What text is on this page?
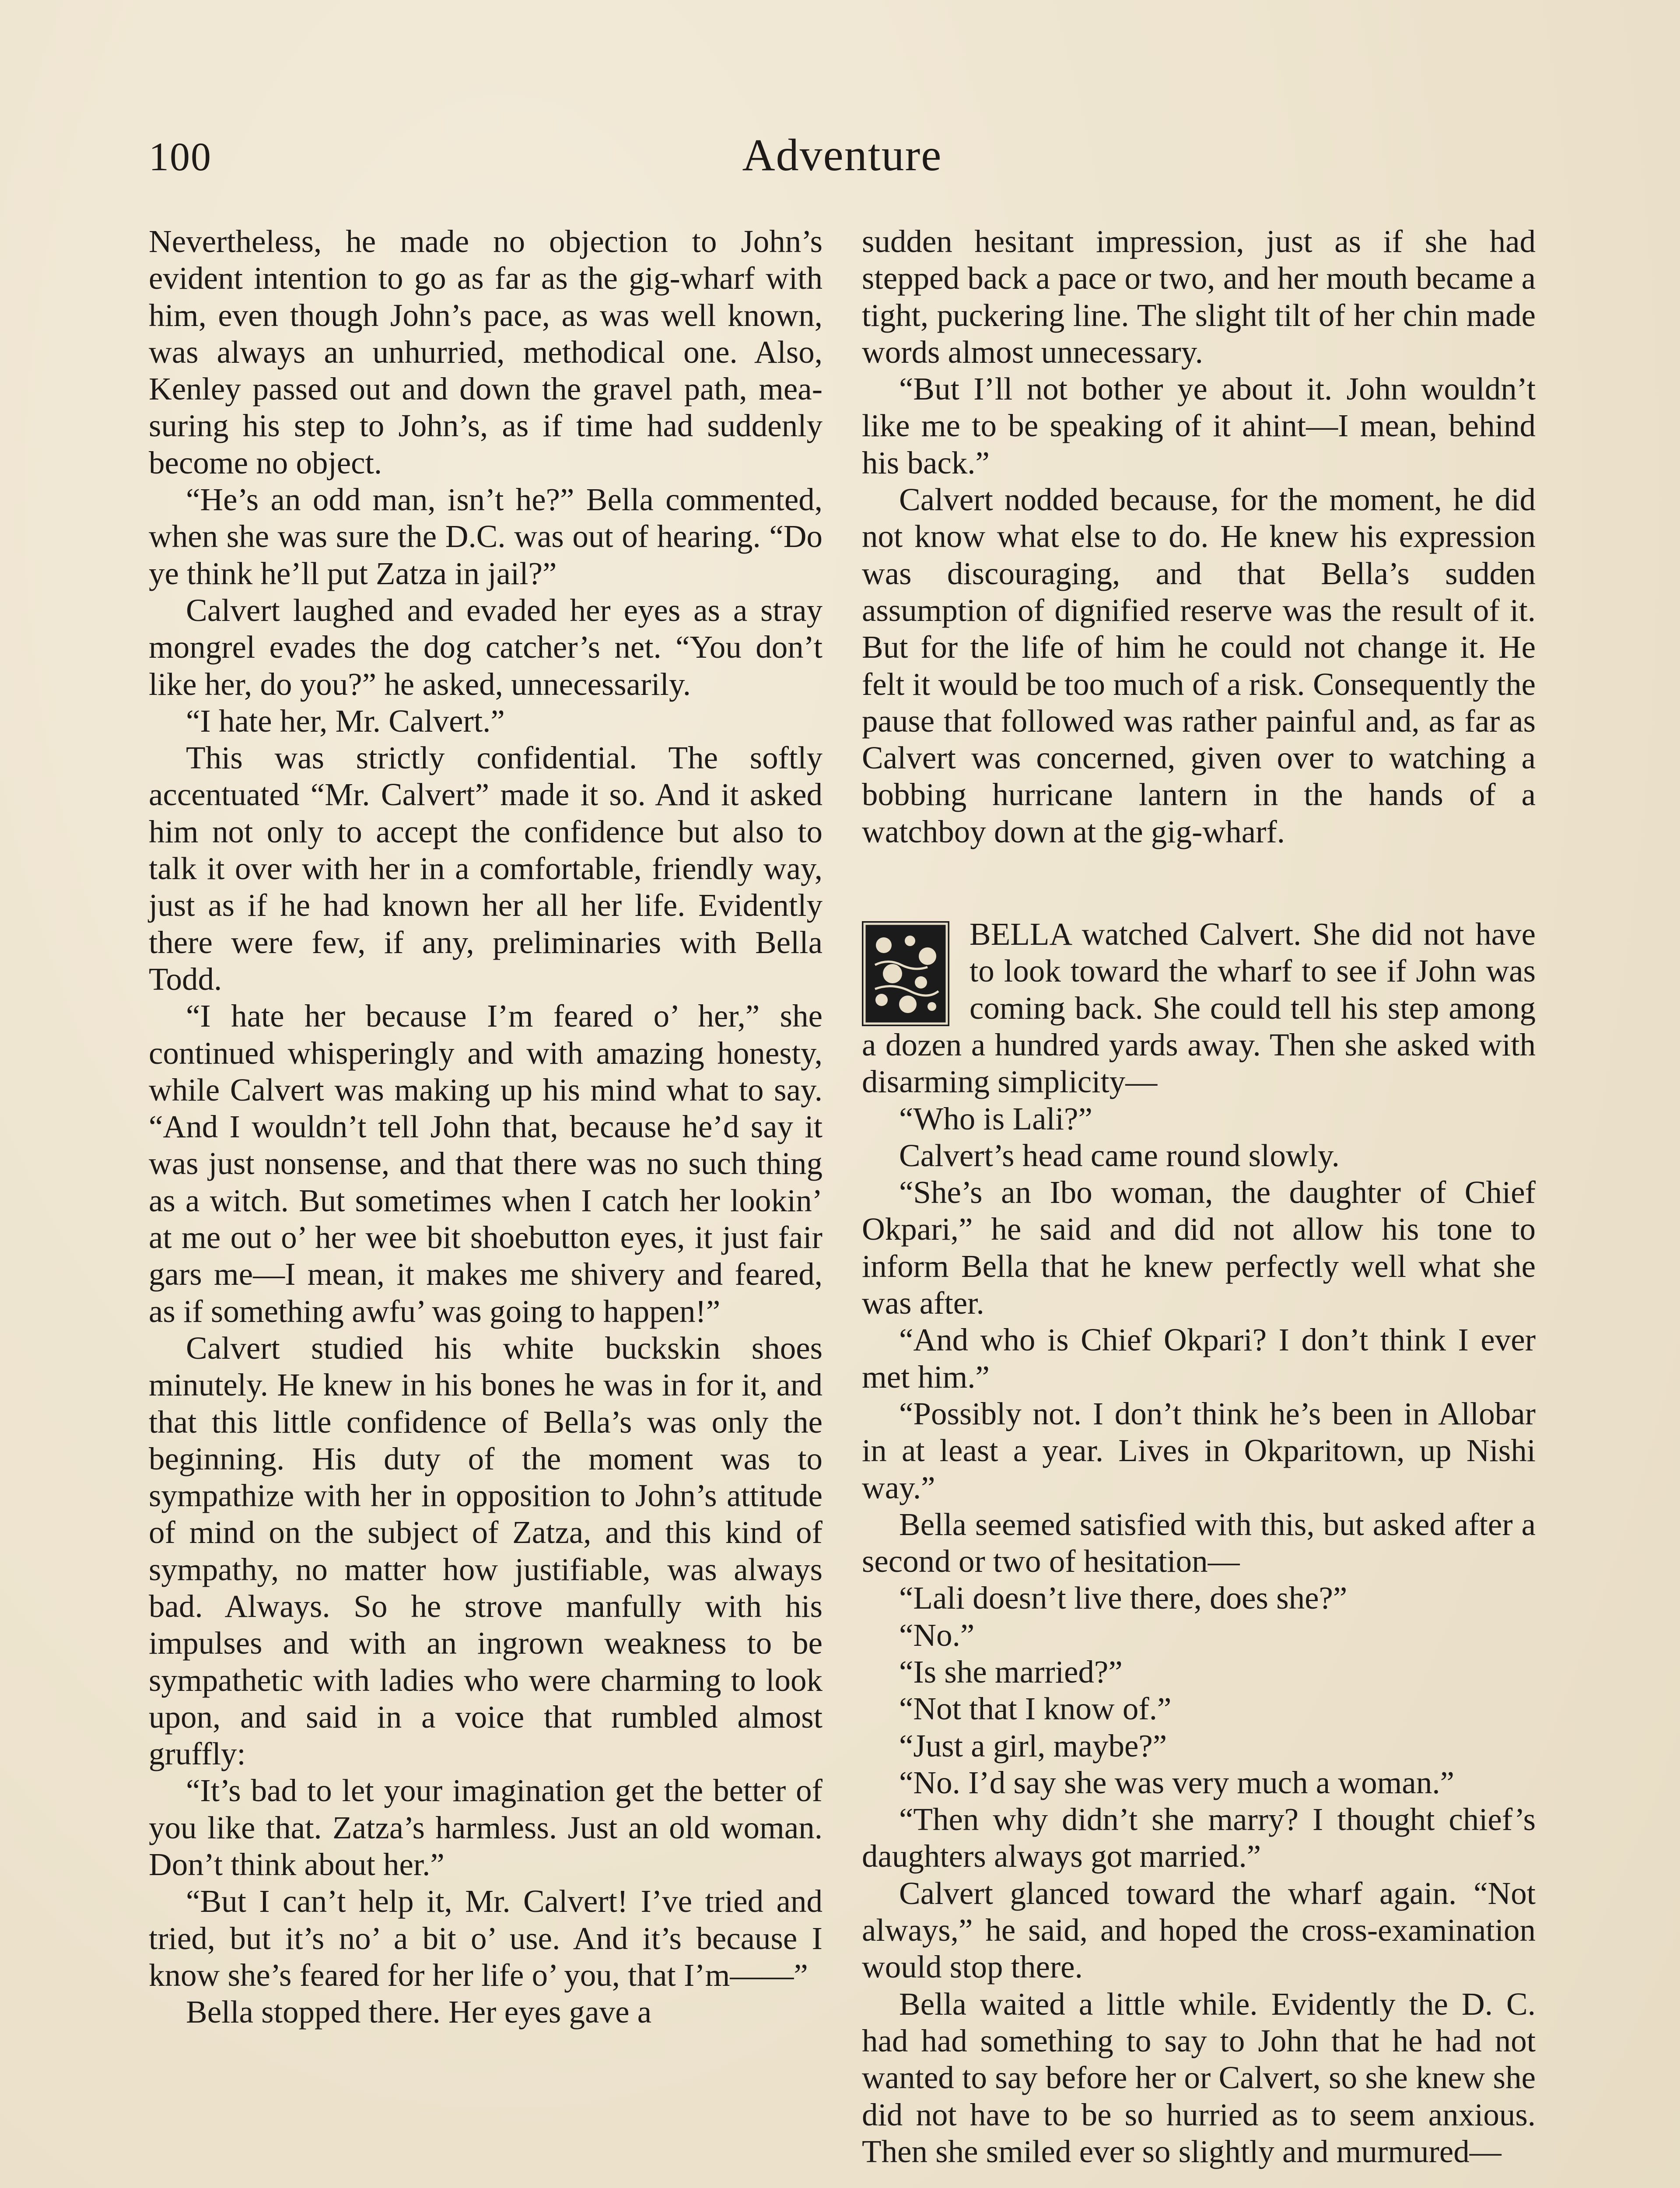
100	Adventure

Nevertheless, he made no objection to John’s evident intention to go as far as the gig-wharf with him, even though John’s pace, as was well known, was always an unhurried, methodical one. Also, Kenley passed out and down the gravel path, measuring his step to John’s, as if time had suddenly become no object.

“He’s an odd man, isn’t he?” Bella commented, when she was sure the D.C. was out of hearing. “Do ye think he’ll put Zatza in jail?”

Calvert laughed and evaded her eyes as a stray mongrel evades the dog catcher’s net. “You don’t like her, do you?” he asked, unnecessarily.

“I hate her, Mr. Calvert.”

This was strictly confidential. The softly accentuated “Mr. Calvert” made it so. And it asked him not only to accept the confidence but also to talk it over with her in a comfortable, friendly way, just as if he had known her all her life. Evidently there were few, if any, preliminaries with Bella Todd.

“I hate her because I’m feared o’ her,” she continued whisperingly and with amazing honesty, while Calvert was making up his mind what to say. “And I wouldn’t tell John that, because he’d say it was just nonsense, and that there was no such thing as a witch. But sometimes when I catch her lookin’ at me out o’ her wee bit shoebutton eyes, it just fair gars me—I mean, it makes me shivery and feared, as if something awfu’ was going to happen!”

Calvert studied his white buckskin shoes minutely. He knew in his bones he was in for it, and that this little confidence of Bella’s was only the beginning. His duty of the moment was to sympathize with her in opposition to John’s attitude of mind on the subject of Zatza, and this kind of sympathy, no matter how justifiable, was always bad. Always. So he strove manfully with his impulses and with an ingrown weakness to be sympathetic with ladies who were charming to look upon, and said in a voice that rumbled almost gruffly:

“It’s bad to let your imagination get the better of you like that. Zatza’s harmless. Just an old woman. Don’t think about her.”

“But I can’t help it, Mr. Calvert! I’ve tried and tried, but it’s no’ a bit o’ use. And it’s because I know she’s feared for her life o’ you, that I’m——”

Bella stopped there. Her eyes gave a

sudden hesitant impression, just as if she had stepped back a pace or two, and her mouth became a tight, puckering line. The slight tilt of her chin made words almost unnecessary.

“But I’ll not bother ye about it. John wouldn’t like me to be speaking of it ahint—I mean, behind his back.”

Calvert nodded because, for the moment, he did not know what else to do. He knew his expression was discouraging, and that Bella’s sudden assumption of dignified reserve was the result of it. But for the life of him he could not change it. He felt it would be too much of a risk. Consequently the pause that followed was rather painful and, as far as Calvert was concerned, given over to watching a bobbing hurricane lantern in the hands of a watchboy down at the gig-wharf.

BELLA watched Calvert. She did not have to look toward the wharf to see if John was coming back. She could tell his step among a dozen a hundred yards away. Then she asked with disarming simplicity—

“Who is Lali?”

Calvert’s head came round slowly.

“She’s an Ibo woman, the daughter of Chief Okpari,” he said and did not allow his tone to inform Bella that he knew perfectly well what she was after.

“And who is Chief Okpari? I don’t think I ever met him.”

“Possibly not. I don’t think he’s been in Allobar in at least a year. Lives in Okparitown, up Nishi way.”

Bella seemed satisfied with this, but asked after a second or two of hesitation—

“Lali doesn’t live there, does she?”

“No.”

“Is she married?”

“Not that I know of.”

“Just a girl, maybe?”

“No. I’d say she was very much a woman.”

“Then why didn’t she marry? I thought chief’s daughters always got married.”

Calvert glanced toward the wharf again. “Not always,” he said, and hoped the cross-examination would stop there.

Bella waited a little while. Evidently the D. C. had had something to say to John that he had not wanted to say before her or Calvert, so she knew she did not have to be so hurried as to seem anxious. Then she smiled ever so slightly and murmured—
